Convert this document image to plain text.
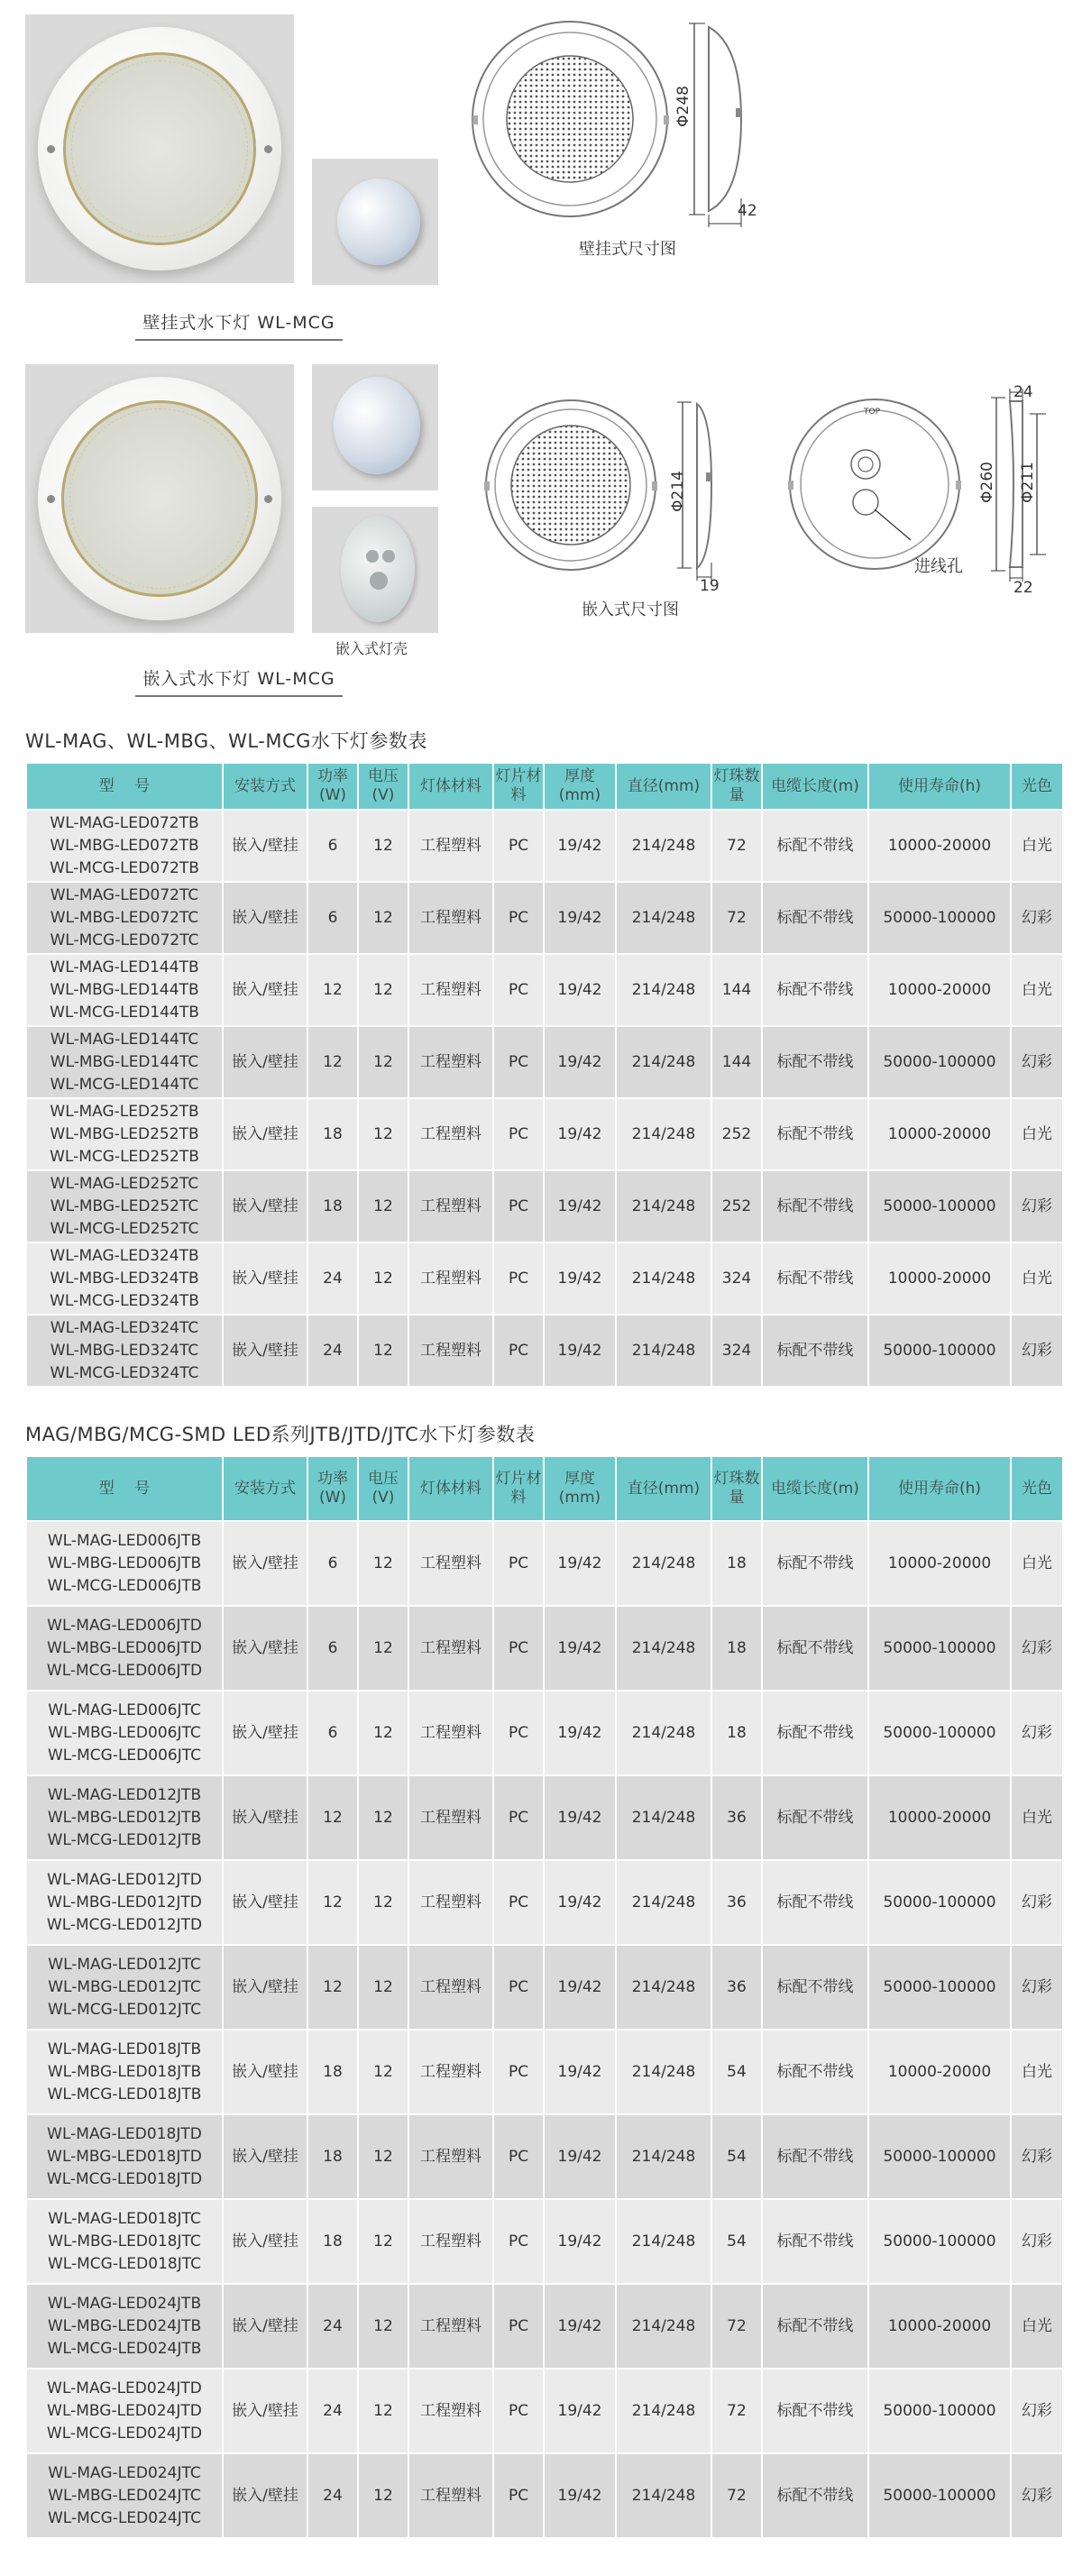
壁挂式水下灯 WL-MCG
Φ248
42
壁挂式尺寸图
嵌入式灯壳
嵌入式水下灯 WL-MCG
Φ214
19
嵌入式尺寸图
TOP
24
Φ260 Φ211
22
进线孔
WL-MAG、WL-MBG、WL-MCG水下灯参数表
型　 号	安装方式	功率(W)	电压(V)	灯体材料	灯片材料	厚度(mm)	直径(mm)	灯珠数量	电缆长度(m)	使用寿命(h)	光色

WL-MAG-LED072TB
WL-MBG-LED072TB
WL-MCG-LED072TB	嵌入/壁挂	6	12	工程塑料	PC	19/42	214/248	72	标配不带线	10000-20000	白光

WL-MAG-LED072TC
WL-MBG-LED072TC
WL-MCG-LED072TC	嵌入/壁挂	6	12	工程塑料	PC	19/42	214/248	72	标配不带线	50000-100000	幻彩

WL-MAG-LED144TB
WL-MBG-LED144TB
WL-MCG-LED144TB	嵌入/壁挂	12	12	工程塑料	PC	19/42	214/248	144	标配不带线	10000-20000	白光

WL-MAG-LED144TC
WL-MBG-LED144TC
WL-MCG-LED144TC	嵌入/壁挂	12	12	工程塑料	PC	19/42	214/248	144	标配不带线	50000-100000	幻彩

WL-MAG-LED252TB
WL-MBG-LED252TB
WL-MCG-LED252TB	嵌入/壁挂	18	12	工程塑料	PC	19/42	214/248	252	标配不带线	10000-20000	白光

WL-MAG-LED252TC
WL-MBG-LED252TC
WL-MCG-LED252TC	嵌入/壁挂	18	12	工程塑料	PC	19/42	214/248	252	标配不带线	50000-100000	幻彩

WL-MAG-LED324TB
WL-MBG-LED324TB
WL-MCG-LED324TB	嵌入/壁挂	24	12	工程塑料	PC	19/42	214/248	324	标配不带线	10000-20000	白光

WL-MAG-LED324TC
WL-MBG-LED324TC
WL-MCG-LED324TC	嵌入/壁挂	24	12	工程塑料	PC	19/42	214/248	324	标配不带线	50000-100000	幻彩
MAG/MBG/MCG-SMD LED系列JTB/JTD/JTC水下灯参数表
型　 号	安装方式	功率(W)	电压(V)	灯体材料	灯片材料	厚度(mm)	直径(mm)	灯珠数量	电缆长度(m)	使用寿命(h)	光色

WL-MAG-LED006JTB
WL-MBG-LED006JTB
WL-MCG-LED006JTB	嵌入/壁挂	6	12	工程塑料	PC	19/42	214/248	18	标配不带线	10000-20000	白光

WL-MAG-LED006JTD
WL-MBG-LED006JTD
WL-MCG-LED006JTD	嵌入/壁挂	6	12	工程塑料	PC	19/42	214/248	18	标配不带线	50000-100000	幻彩

WL-MAG-LED006JTC
WL-MBG-LED006JTC
WL-MCG-LED006JTC	嵌入/壁挂	6	12	工程塑料	PC	19/42	214/248	18	标配不带线	50000-100000	幻彩

WL-MAG-LED012JTB
WL-MBG-LED012JTB
WL-MCG-LED012JTB	嵌入/壁挂	12	12	工程塑料	PC	19/42	214/248	36	标配不带线	10000-20000	白光

WL-MAG-LED012JTD
WL-MBG-LED012JTD
WL-MCG-LED012JTD	嵌入/壁挂	12	12	工程塑料	PC	19/42	214/248	36	标配不带线	50000-100000	幻彩

WL-MAG-LED012JTC
WL-MBG-LED012JTC
WL-MCG-LED012JTC	嵌入/壁挂	12	12	工程塑料	PC	19/42	214/248	36	标配不带线	50000-100000	幻彩

WL-MAG-LED018JTB
WL-MBG-LED018JTB
WL-MCG-LED018JTB	嵌入/壁挂	18	12	工程塑料	PC	19/42	214/248	54	标配不带线	10000-20000	白光

WL-MAG-LED018JTD
WL-MBG-LED018JTD
WL-MCG-LED018JTD	嵌入/壁挂	18	12	工程塑料	PC	19/42	214/248	54	标配不带线	50000-100000	幻彩

WL-MAG-LED018JTC
WL-MBG-LED018JTC
WL-MCG-LED018JTC	嵌入/壁挂	18	12	工程塑料	PC	19/42	214/248	54	标配不带线	50000-100000	幻彩

WL-MAG-LED024JTB
WL-MBG-LED024JTB
WL-MCG-LED024JTB	嵌入/壁挂	24	12	工程塑料	PC	19/42	214/248	72	标配不带线	10000-20000	白光

WL-MAG-LED024JTD
WL-MBG-LED024JTD
WL-MCG-LED024JTD	嵌入/壁挂	24	12	工程塑料	PC	19/42	214/248	72	标配不带线	50000-100000	幻彩

WL-MAG-LED024JTC
WL-MBG-LED024JTC
WL-MCG-LED024JTC	嵌入/壁挂	24	12	工程塑料	PC	19/42	214/248	72	标配不带线	50000-100000	幻彩
